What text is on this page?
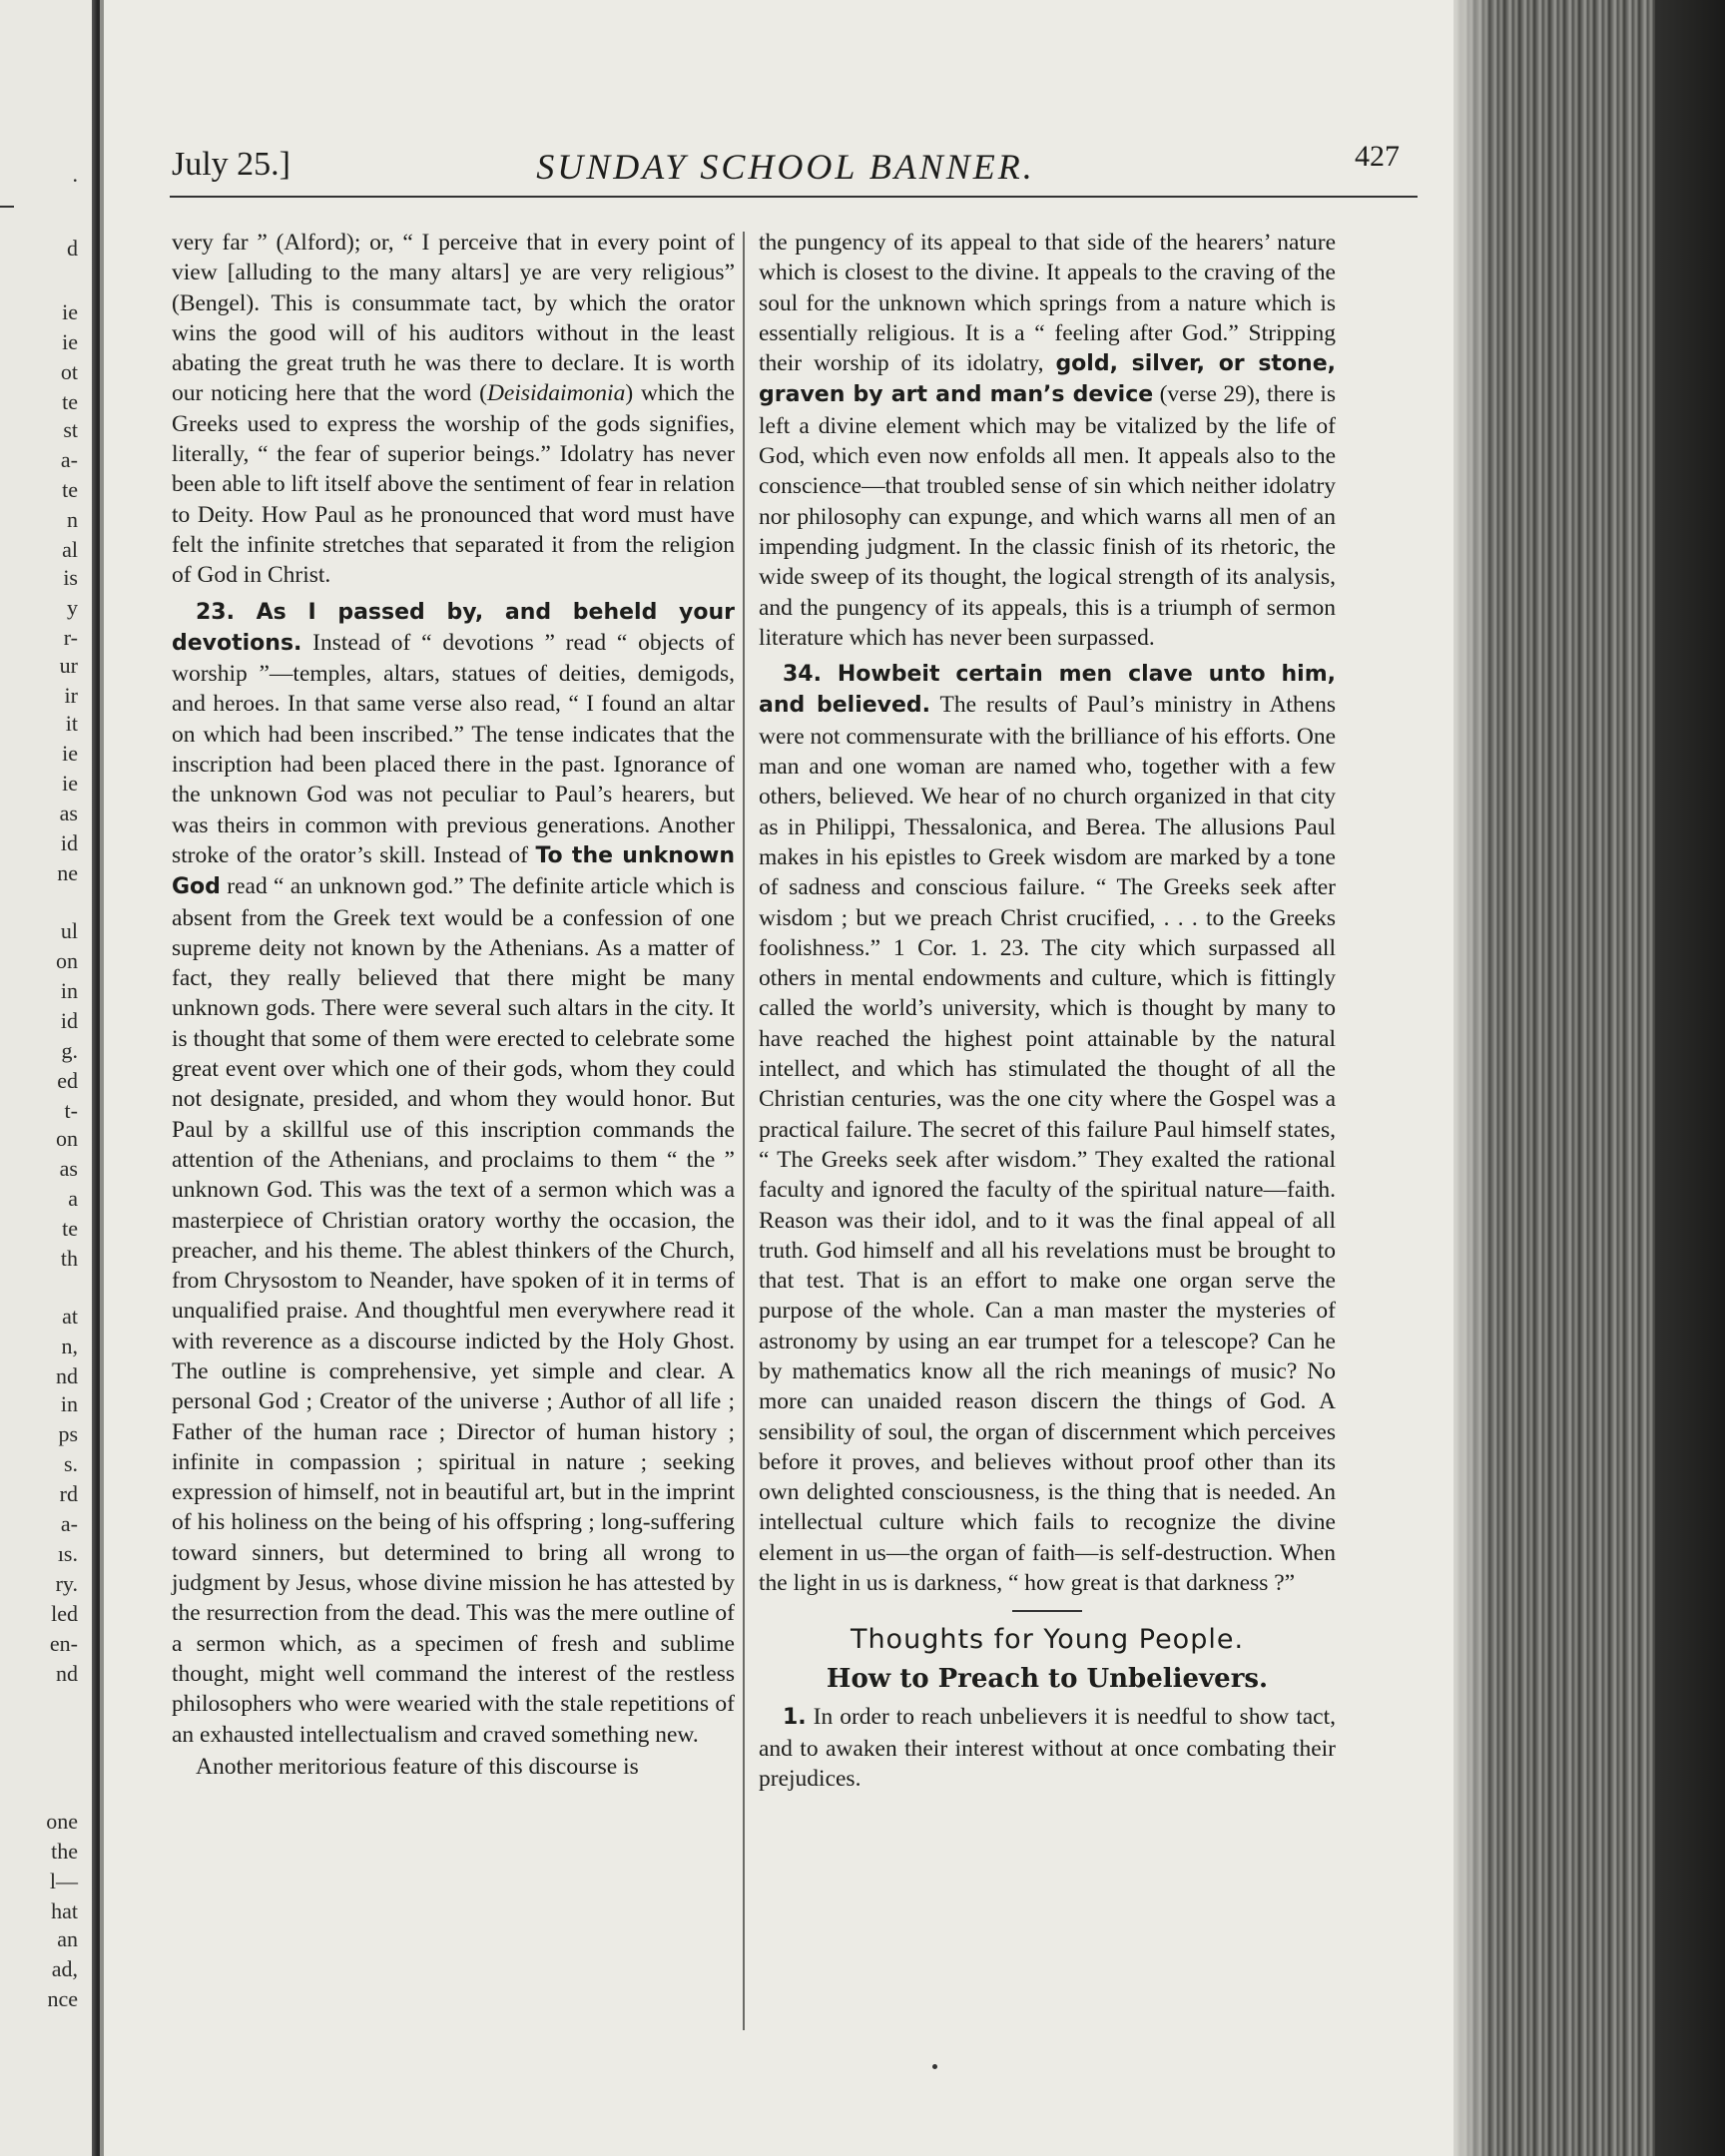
.
d
ie
ie
ot
te
st
a-
te
n
al
is
y
r-
ur
ir
it
ie
ie
as
id
ne
ul
on
in
id
g.
ed
t-
on
as
a
te
th
at
n,
nd
in
ps
s.
rd
a-
ıs.
ry.
led
en-
nd
one
the
l—
hat
an
ad,
nce
July 25.]	SUNDAY SCHOOL BANNER.	427

very far ” (Alford); or, “ I perceive that in every point of view [alluding to the many altars] ye are very religious” (Bengel). This is consummate tact, by which the orator wins the good will of his auditors without in the least abating the great truth he was there to declare. It is worth our noticing here that the word (Deisidaimonia) which the Greeks used to express the worship of the gods signifies, literally, “ the fear of superior beings.” Idolatry has never been able to lift itself above the sentiment of fear in relation to Deity. How Paul as he pronounced that word must have felt the infinite stretches that separated it from the religion of God in Christ.

23. As I passed by, and beheld your devotions. Instead of “ devotions ” read “ objects of worship ”—temples, altars, statues of deities, demigods, and heroes. In that same verse also read, “ I found an altar on which had been inscribed.” The tense indicates that the inscription had been placed there in the past. Ignorance of the unknown God was not peculiar to Paul’s hearers, but was theirs in common with previous generations. Another stroke of the orator’s skill. Instead of To the unknown God read “ an unknown god.” The definite article which is absent from the Greek text would be a confession of one supreme deity not known by the Athenians. As a matter of fact, they really believed that there might be many unknown gods. There were several such altars in the city. It is thought that some of them were erected to celebrate some great event over which one of their gods, whom they could not designate, presided, and whom they would honor. But Paul by a skillful use of this inscription commands the attention of the Athenians, and proclaims to them “ the ” unknown God. This was the text of a sermon which was a masterpiece of Christian oratory worthy the occasion, the preacher, and his theme. The ablest thinkers of the Church, from Chrysostom to Neander, have spoken of it in terms of unqualified praise. And thoughtful men everywhere read it with reverence as a discourse indicted by the Holy Ghost. The outline is comprehensive, yet simple and clear. A personal God ; Creator of the universe ; Author of all life ; Father of the human race ; Director of human history ; infinite in compassion ; spiritual in nature ; seeking expression of himself, not in beautiful art, but in the imprint of his holiness on the being of his offspring ; long-suffering toward sinners, but determined to bring all wrong to judgment by Jesus, whose divine mission he has attested by the resurrection from the dead. This was the mere outline of a sermon which, as a specimen of fresh and sublime thought, might well command the interest of the restless philosophers who were wearied with the stale repetitions of an exhausted intellectualism and craved something new.

Another meritorious feature of this discourse is

the pungency of its appeal to that side of the hearers’ nature which is closest to the divine. It appeals to the craving of the soul for the unknown which springs from a nature which is essentially religious. It is a “ feeling after God.” Stripping their worship of its idolatry, gold, silver, or stone, graven by art and man’s device (verse 29), there is left a divine element which may be vitalized by the life of God, which even now enfolds all men. It appeals also to the conscience—that troubled sense of sin which neither idolatry nor philosophy can expunge, and which warns all men of an impending judgment. In the classic finish of its rhetoric, the wide sweep of its thought, the logical strength of its analysis, and the pungency of its appeals, this is a triumph of sermon literature which has never been surpassed.

34. Howbeit certain men clave unto him, and believed. The results of Paul’s ministry in Athens were not commensurate with the brilliance of his efforts. One man and one woman are named who, together with a few others, believed. We hear of no church organized in that city as in Philippi, Thessalonica, and Berea. The allusions Paul makes in his epistles to Greek wisdom are marked by a tone of sadness and conscious failure. “ The Greeks seek after wisdom ; but we preach Christ crucified, . . . to the Greeks foolishness.” 1 Cor. 1. 23. The city which surpassed all others in mental endowments and culture, which is fittingly called the world’s university, which is thought by many to have reached the highest point attainable by the natural intellect, and which has stimulated the thought of all the Christian centuries, was the one city where the Gospel was a practical failure. The secret of this failure Paul himself states, “ The Greeks seek after wisdom.” They exalted the rational faculty and ignored the faculty of the spiritual nature—faith. Reason was their idol, and to it was the final appeal of all truth. God himself and all his revelations must be brought to that test. That is an effort to make one organ serve the purpose of the whole. Can a man master the mysteries of astronomy by using an ear trumpet for a telescope? Can he by mathematics know all the rich meanings of music? No more can unaided reason discern the things of God. A sensibility of soul, the organ of discernment which perceives before it proves, and believes without proof other than its own delighted consciousness, is the thing that is needed. An intellectual culture which fails to recognize the divine element in us—the organ of faith—is self-destruction. When the light in us is darkness, “ how great is that darkness ?”

Thoughts for Young People.
How to Preach to Unbelievers.

1. In order to reach unbelievers it is needful to show tact, and to awaken their interest without at once combating their prejudices.
